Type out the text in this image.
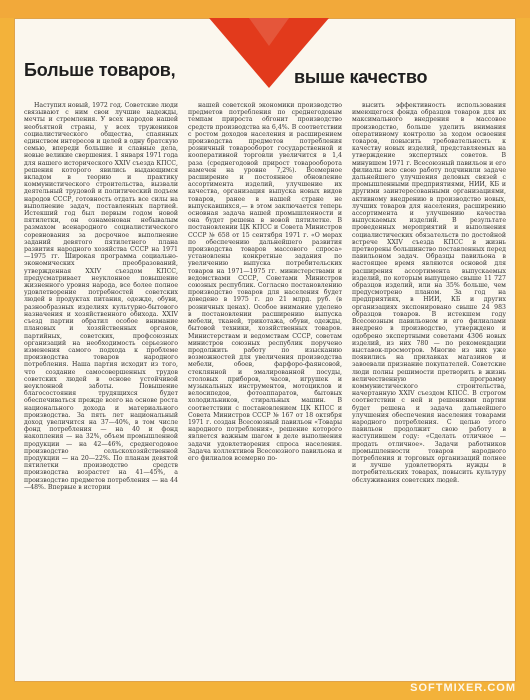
Больше товаров,	выше качество

Наступил новый, 1972 год. Советские люди связывают с ним свои лучшие надежды, мечты и стремления. У всех народов нашей необъятной страны, у всех тружеников социалистического общества, спаянных единством интересов и целей в одну братскую семью, впереди большие и славные дела, новые великие свершения. 1 января 1971 года для нашего исторического XXIV съезда КПСС, решения которого явились выдающимся вкладом в теорию и практику коммунистического строительства, вызвали деятельный трудовой и политический подъем народов СССР, готовность отдать все силы на выполнение задач, поставленных партией. Истекший год был первым годом новой пятилетки, он ознаменован небывалым размахом всенародного социалистического соревнования за досрочное выполнение заданий девятого пятилетнего плана развития народного хозяйства СССР на 1971—1975 гг. Широкая программа социально-экономических преобразований, утвержденная XXIV съездом КПСС, предусматривает неуклонное повышение жизненного уровня народа, все более полное удовлетворение потребностей советских людей в продуктах питания, одежде, обуви, разнообразных изделиях культурно-бытового назначения и хозяйственного обихода. XXIV съезд партии обратил особое внимание плановых и хозяйственных органов, партийных, советских, профсоюзных организаций на необходимость серьезного изменения самого подхода к проблеме производства товаров народного потребления. Наша партия исходит из того, что создание самосовершенных трудов советских людей в основе устойчивой неуклонной заботы. Повышение благосостояния трудящихся будет обеспечиваться прежде всего на основе роста национального дохода и материального производства. За пять лет национальный доход увеличится на 37—40%, в том числе фонд потребления — на 40 и фонд накопления — на 32%, объем промышленной продукции — на 42—46%, среднегодовое производство сельскохозяйственной продукции — на 20—22%. По планам девятой пятилетки производство средств производства возрастет на 41—45%, а производство предметов потребления — на 44—48%. Впервые в истории

нашей советской экономики производство предметов потребления по среднегодовым темпам прироста обгонит производство средств производства на 6,4%. В соответствии с ростом доходов населения и расширением производства предметов потребления розничный товарооборот государственной и кооперативной торговли увеличится в 1,4 раза (среднегодовой прирост товарооборота намечен на уровне 7,2%). Всемерное расширение и постоянное обновление ассортимента изделий, улучшение их качества, организация выпуска новых видов товаров, ранее в нашей стране не выпускавшихся,— в этом заключается теперь основная задача нашей промышленности и она будет решена в новой пятилетке. В постановлении ЦК КПСС и Совета Министров СССР № 658 от 15 сентября 1971 г. «О мерах по обеспечению дальнейшего развития производства товаров массового спроса» установлены конкретные задания по увеличению выпуска потребительских товаров на 1971—1975 гг. министерствами и ведомствами СССР, Советами Министров союзных республик. Согласно постановлению производство товаров для населения будет доведено в 1975 г. до 21 млрд. руб. (в розничных ценах). Особое внимание уделено в постановлении расширению выпуска мебели, тканей, трикотажа, обуви, одежды, бытовой техники, хозяйственных товаров. Министерствам и ведомствам СССР, советам министров союзных республик поручено продолжить работу по изысканию возможностей для увеличения производства мебели, обоев, фарфоро-фаянсовой, стеклянной и эмалированной посуды, столовых приборов, часов, игрушек и музыкальных инструментов, мотоциклов и велосипедов, фотоаппаратов, бытовых холодильников, стиральных машин. В соответствии с постановлением ЦК КПСС и Совета Министров СССР № 167 от 18 октября 1971 г. создан Всесоюзный павильон «Товары народного потребления», решение которого является важным шагом в деле выполнения задачи удовлетворения спроса населения. Задача коллективов Всесоюзного павильона и его филиалов всемерно по-

высить эффективность использования имеющегося фонда образцов товаров для их максимального внедрения в массовое производство, больше уделить внимания оперативному контролю за ходом освоения товаров, повысить требовательность к качеству новых изделий, представляемых на утверждение экспертных советов. В минувшем 1971 г. Всесоюзный павильон и его филиалы всю свою работу подчинили задаче дальнейшего улучшения деловых связей с промышленными предприятиями, НИИ, КБ и другими заинтересованными организациями, активному внедрению в производство новых, лучших товаров для населения, расширению ассортимента и улучшению качества выпускаемых изделий. В результате проведенных мероприятий и выполнения социалистических обязательств по достойной встрече XXIV съезда КПСС в жизнь претворены большинство поставленных перед павильоном задач. Образцы павильона в настоящее время являются основой для расширения ассортимента выпускаемых изделий, по которым выпущено свыше 11 727 образцов изделий, или на 35% больше, чем предусмотрено планом. За год на предприятиях, в НИИ, КБ и других организациях экспонировано свыше 24 983 образцов товаров. В истекшем году Всесоюзным павильоном и его филиалами внедрено в производство, утверждено и одобрено экспертными советами 4306 новых изделий, из них 780 — по рекомендации выставок-просмотров. Многие из них уже появились на прилавках магазинов и завоевали признание покупателей. Советские люди полны решимости претворить в жизнь величественную программу коммунистического строительства, начертанную XXIV съездом КПСС. В строгом соответствии с ней и решениями партии будет решена и задача дальнейшего улучшения обеспечения населения товарами народного потребления. С целью этого павильон продолжит свою работу в наступившем году: «Сделать отличное — продать отличное». Задачи работников промышленности товаров народного потребления и торговых организаций полнее и лучше удовлетворять нужды в потребительских товарах, повысить культуру обслуживания советских людей.

SOFTMIXER.COM
